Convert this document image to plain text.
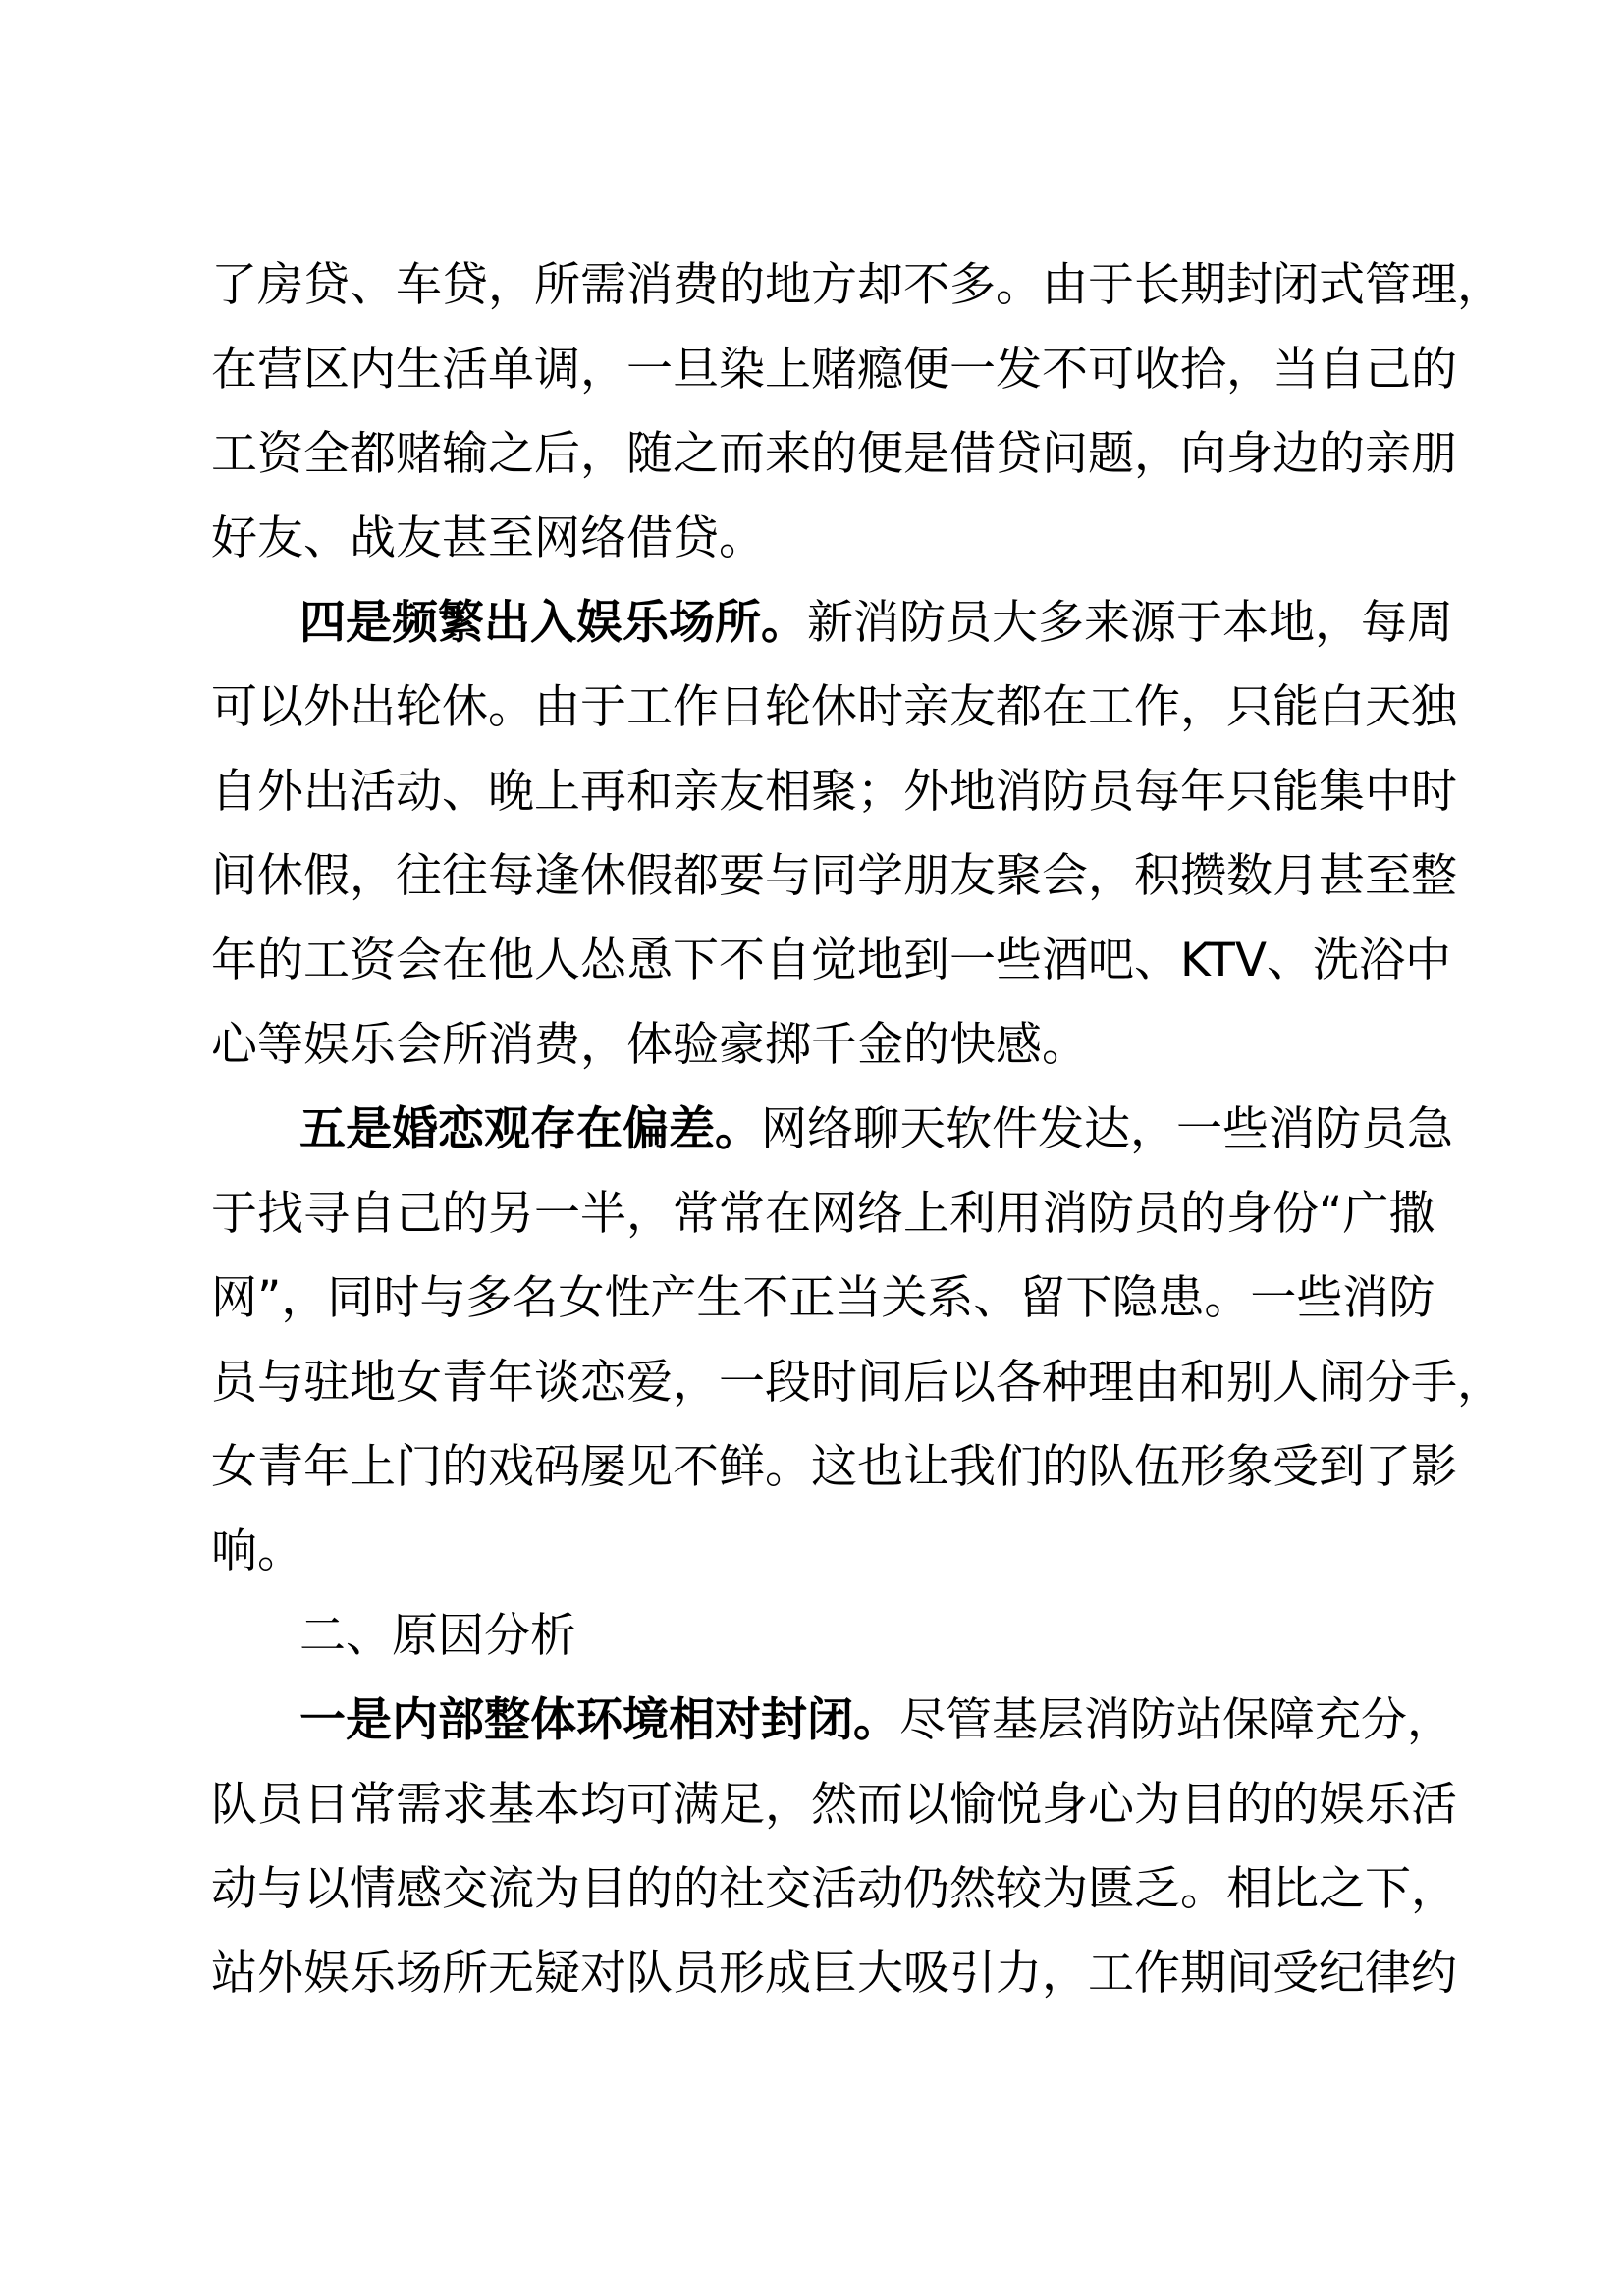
了房贷、车贷，所需消费的地方却不多。由于长期封闭式管理，
在营区内生活单调，一旦染上赌瘾便一发不可收拾，当自己的
工资全都赌输之后，随之而来的便是借贷问题，向身边的亲朋
好友、战友甚至网络借贷。
四是频繁出入娱乐场所。新消防员大多来源于本地，每周
可以外出轮休。由于工作日轮休时亲友都在工作，只能白天独
自外出活动、晚上再和亲友相聚；外地消防员每年只能集中时
间休假，往往每逢休假都要与同学朋友聚会，积攒数月甚至整
年的工资会在他人怂恿下不自觉地到一些酒吧、KTV、洗浴中
心等娱乐会所消费，体验豪掷千金的快感。
五是婚恋观存在偏差。网络聊天软件发达，一些消防员急
于找寻自己的另一半，常常在网络上利用消防员的身份“广撒
网”，同时与多名女性产生不正当关系、留下隐患。一些消防
员与驻地女青年谈恋爱，一段时间后以各种理由和别人闹分手，
女青年上门的戏码屡见不鲜。这也让我们的队伍形象受到了影
响。
二、原因分析
一是内部整体环境相对封闭。尽管基层消防站保障充分，
队员日常需求基本均可满足，然而以愉悦身心为目的的娱乐活
动与以情感交流为目的的社交活动仍然较为匮乏。相比之下，
站外娱乐场所无疑对队员形成巨大吸引力，工作期间受纪律约
